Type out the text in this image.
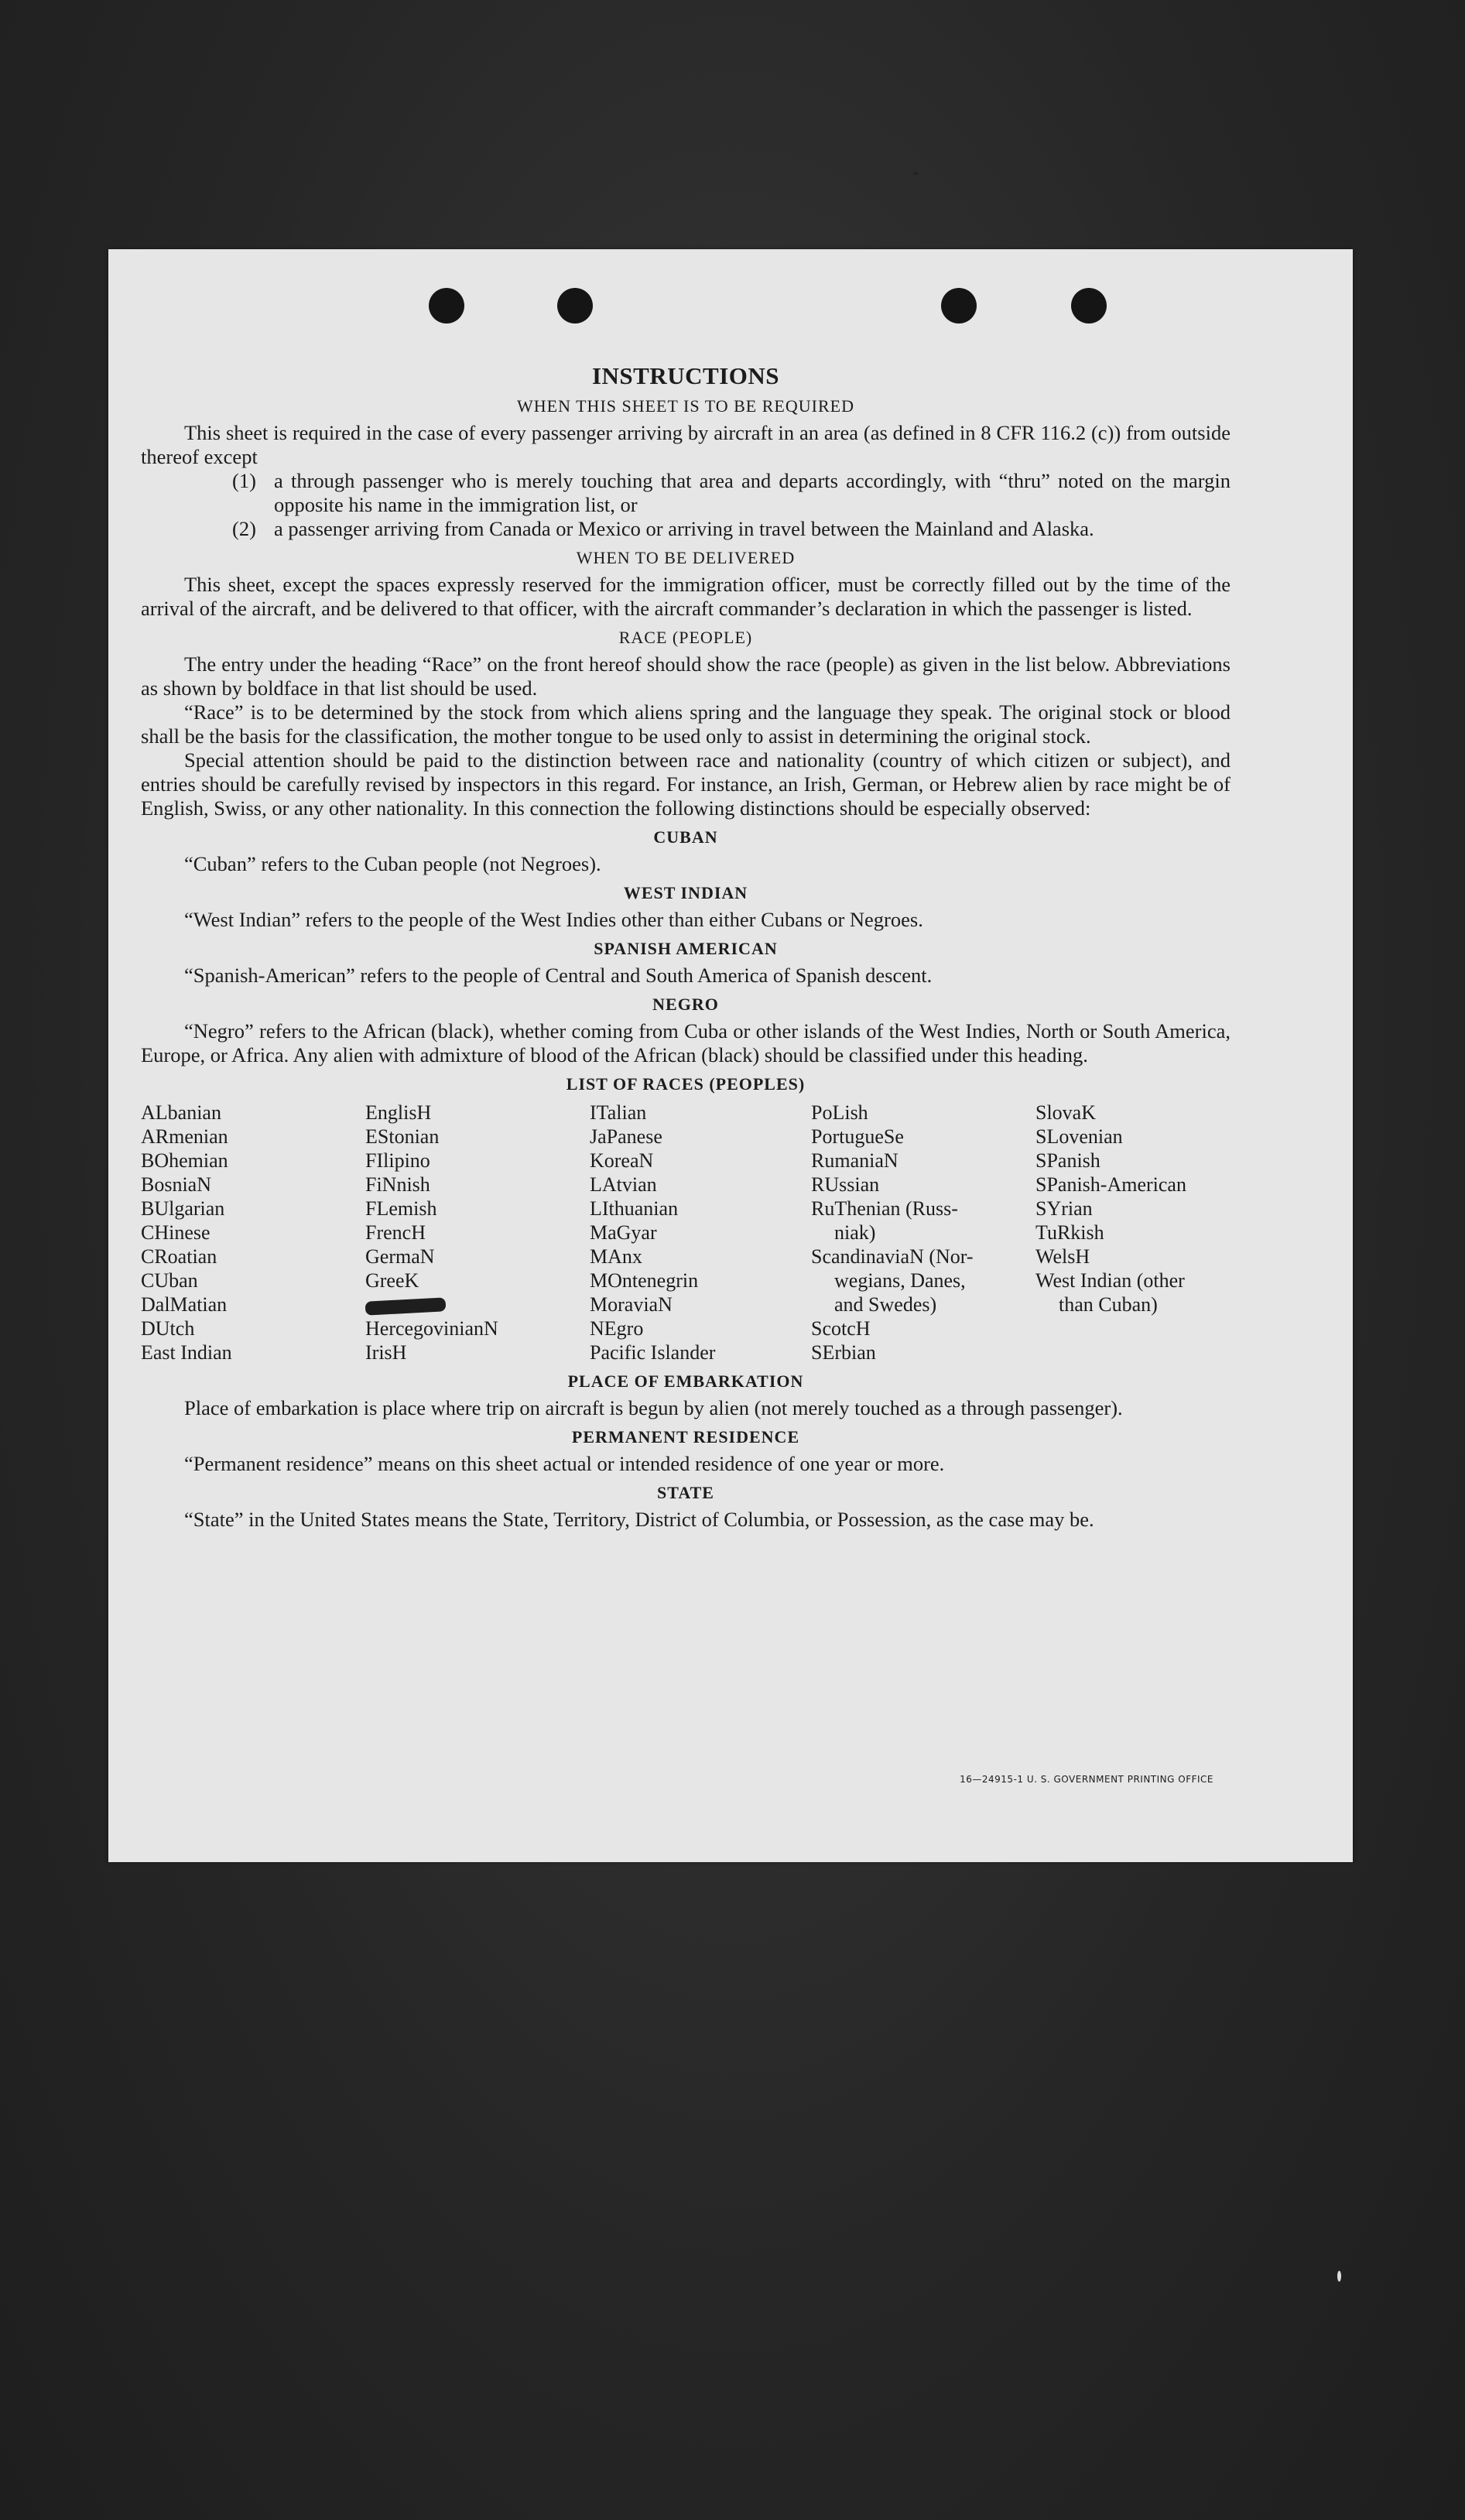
INSTRUCTIONS
WHEN THIS SHEET IS TO BE REQUIRED

This sheet is required in the case of every passenger arriving by aircraft in an area (as defined in 8 CFR 116.2 (c)) from outside thereof except

(1) a through passenger who is merely touching that area and departs accordingly, with “thru” noted on the margin opposite his name in the immigration list, or
(2) a passenger arriving from Canada or Mexico or arriving in travel between the Mainland and Alaska.
WHEN TO BE DELIVERED

This sheet, except the spaces expressly reserved for the immigration officer, must be correctly filled out by the time of the arrival of the aircraft, and be delivered to that officer, with the aircraft commander’s declaration in which the passenger is listed.

RACE (PEOPLE)

The entry under the heading “Race” on the front hereof should show the race (people) as given in the list below. Abbreviations as shown by boldface in that list should be used.

“Race” is to be determined by the stock from which aliens spring and the language they speak. The original stock or blood shall be the basis for the classification, the mother tongue to be used only to assist in determining the original stock.

Special attention should be paid to the distinction between race and nationality (country of which citizen or subject), and entries should be carefully revised by inspectors in this regard. For instance, an Irish, German, or Hebrew alien by race might be of English, Swiss, or any other nationality. In this connection the following distinctions should be especially observed:

CUBAN

“Cuban” refers to the Cuban people (not Negroes).

WEST INDIAN

“West Indian” refers to the people of the West Indies other than either Cubans or Negroes.

SPANISH AMERICAN

“Spanish-American” refers to the people of Central and South America of Spanish descent.

NEGRO

“Negro” refers to the African (black), whether coming from Cuba or other islands of the West Indies, North or South America, Europe, or Africa. Any alien with admixture of blood of the African (black) should be classified under this heading.

LIST OF RACES (PEOPLES)
ALbanian
ARmenian
BOhemian
BosniaN
BUlgarian
CHinese
CRoatian
CUban
DalMatian
DUtch
East Indian
EnglisH
EStonian
FIlipino
FiNnish
FLemish
FrencH
GermaN
GreeK
HercegovinianN
IrisH
ITalian
JaPanese
KoreaN
LAtvian
LIthuanian
MaGyar
MAnx
MOntenegrin
MoraviaN
NEgro
Pacific Islander
PoLish
PortugueSe
RumaniaN
RUssian
RuThenian (Russ-
niak)
ScandinaviaN (Nor-
wegians, Danes,
and Swedes)
ScotcH
SErbian
SlovaK
SLovenian
SPanish
SPanish-American
SYrian
TuRkish
WelsH
West Indian (other
than Cuban)
PLACE OF EMBARKATION

Place of embarkation is place where trip on aircraft is begun by alien (not merely touched as a through passenger).

PERMANENT RESIDENCE

“Permanent residence” means on this sheet actual or intended residence of one year or more.

STATE

“State” in the United States means the State, Territory, District of Columbia, or Possession, as the case may be.

16—24915-1 U. S. GOVERNMENT PRINTING OFFICE
